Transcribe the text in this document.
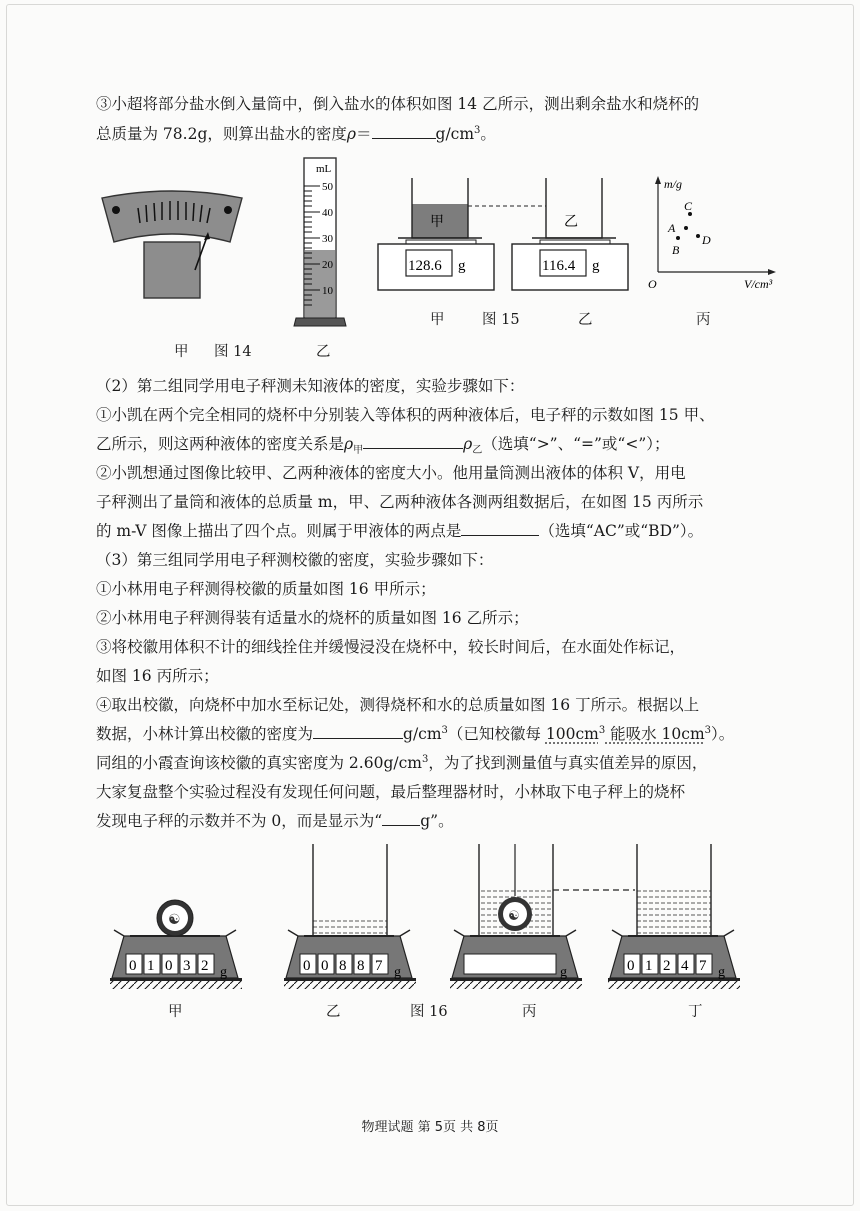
③小超将部分盐水倒入量筒中，倒入盐水的体积如图 14 乙所示，测出剩余盐水和烧杯的
总质量为 78.2g，则算出盐水的密度ρ＝	$g/cm^3$。
mL
50
40
30
20
10
甲 图 14	乙
甲	乙
128.6 g	116.4 g
m/g
V/cm³
O
A
B
C
D
甲	图 15	乙	丙
（2）第二组同学用电子秤测未知液体的密度，实验步骤如下：
①小凯在两个完全相同的烧杯中分别装入等体积的两种液体后，电子秤的示数如图 15 甲、
乙所示，则这两种液体的密度关系是$\rho_甲$	$\rho_乙$（选填“>”、“=”或“<”）；
②小凯想通过图像比较甲、乙两种液体的密度大小。他用量筒测出液体的体积 V，用电
子秤测出了量筒和液体的总质量 m，甲、乙两种液体各测两组数据后，在如图 15 丙所示
的 m-V 图像上描出了四个点。则属于甲液体的两点是	（选填“AC”或“BD”）。
（3）第三组同学用电子秤测校徽的密度，实验步骤如下：
①小林用电子秤测得校徽的质量如图 16 甲所示；
②小林用电子秤测得装有适量水的烧杯的质量如图 16 乙所示；
③将校徽用体积不计的细线拴住并缓慢浸没在烧杯中，较长时间后，在水面处作标记，
如图 16 丙所示；
④取出校徽，向烧杯中加水至标记处，测得烧杯和水的总质量如图 16 丁所示。根据以上
数据，小林计算出校徽的密度为	$g/cm^3$（已知校徽每 $100cm^3$ 能吸水 $10cm^3$）。
同组的小霞查询该校徽的真实密度为 $2.60g/cm^3$，为了找到测量值与真实值差异的原因，
大家复盘整个实验过程没有发现任何问题，最后整理器材时，小林取下电子秤上的烧杯
发现电子秤的示数并不为 0，而是显示为“ g”。
☯
0 1 0 3 2 g	0 0 8 8 7 g
☯
g	0 1 2 4 7 g
甲	乙	图 16	丙	丁
物理试题 第 5页 共 8页
